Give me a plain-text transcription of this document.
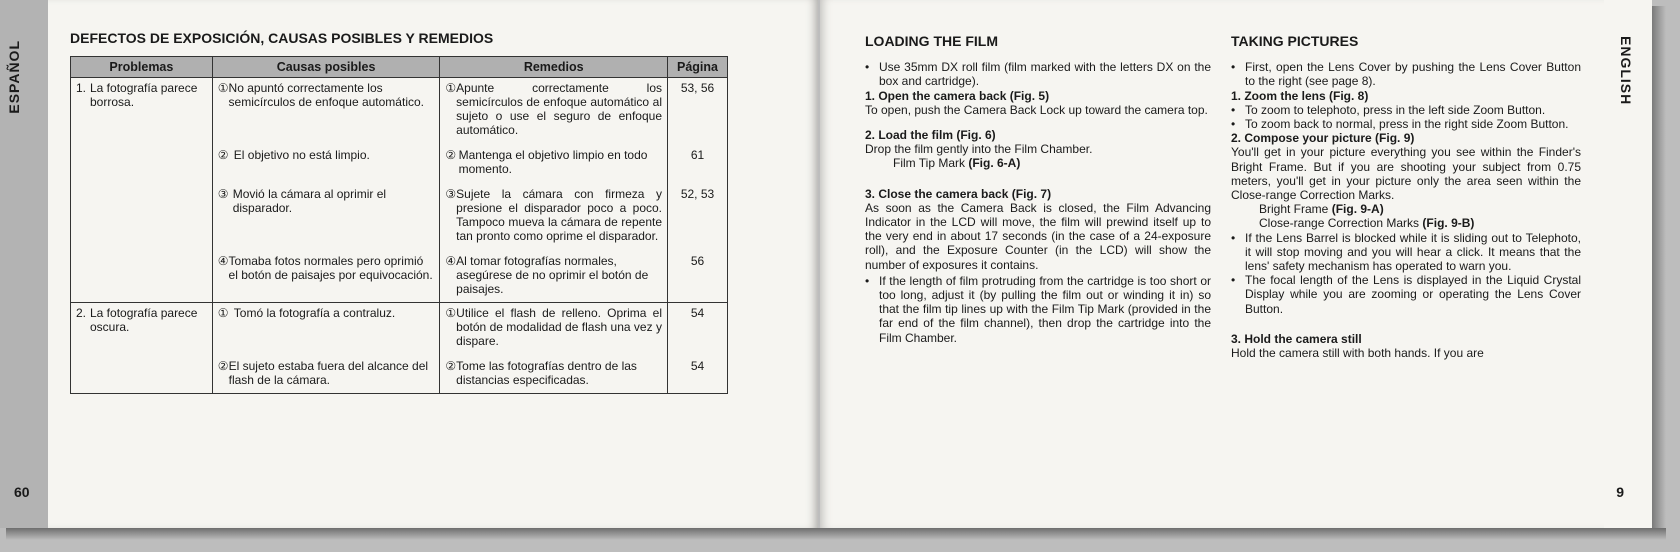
ESPAÑOL
60
DEFECTOS DE EXPOSICIÓN, CAUSAS POSIBLES Y REMEDIOS
Problemas	Causas posibles	Remedios	Página

1. La fotografía parece borrosa.	① No apuntó correctamente los semicírculos de enfoque automático.	① Apunte correctamente los semicírculos de enfoque automático al sujeto o use el seguro de enfoque automático.	53, 56

	② El objetivo no está limpio.	② Mantenga el objetivo limpio en todo momento.	61

	③ Movió la cámara al oprimir el disparador.	③ Sujete la cámara con firmeza y presione el disparador poco a poco. Tampoco mueva la cámara de repente tan pronto como oprime el disparador.	52, 53

	④ Tomaba fotos normales pero oprimió el botón de paisajes por equivocación.	④ Al tomar fotografías normales, asegúrese de no oprimir el botón de paisajes.	56

2. La fotografía parece oscura.	① Tomó la fotografía a contraluz.	① Utilice el flash de relleno. Oprima el botón de modalidad de flash una vez y dispare.	54

	② El sujeto estaba fuera del alcance del flash de la cámara.	② Tome las fotografías dentro de las distancias especificadas.	54
ENGLISH
9
LOADING THE FILM
• Use 35mm DX roll film (film marked with the letters DX on the box and cartridge).
1. Open the camera back (Fig. 5)
To open, push the Camera Back Lock up toward the camera top.
2. Load the film (Fig. 6)
Drop the film gently into the Film Chamber.
Film Tip Mark (Fig. 6-A)
3. Close the camera back (Fig. 7)
As soon as the Camera Back is closed, the Film Advancing Indicator in the LCD will move, the film will prewind itself up to the very end in about 17 seconds (in the case of a 24-exposure roll), and the Exposure Counter (in the LCD) will show the number of exposures it contains.
• If the length of film protruding from the cartridge is too short or too long, adjust it (by pulling the film out or winding it in) so that the film tip lines up with the Film Tip Mark (provided in the far end of the film channel), then drop the cartridge into the Film Chamber.
TAKING PICTURES
• First, open the Lens Cover by pushing the Lens Cover Button to the right (see page 8).
1. Zoom the lens (Fig. 8)
• To zoom to telephoto, press in the left side Zoom Button.
• To zoom back to normal, press in the right side Zoom Button.
2. Compose your picture (Fig. 9)
You'll get in your picture everything you see within the Finder's Bright Frame. But if you are shooting your subject from 0.75 meters, you'll get in your picture only the area seen within the Close-range Correction Marks.
Bright Frame (Fig. 9-A)
Close-range Correction Marks (Fig. 9-B)
• If the Lens Barrel is blocked while it is sliding out to Telephoto, it will stop moving and you will hear a click. It means that the lens' safety mechanism has operated to warn you.
• The focal length of the Lens is displayed in the Liquid Crystal Display while you are zooming or operating the Lens Cover Button.
3. Hold the camera still
Hold the camera still with both hands. If you are
